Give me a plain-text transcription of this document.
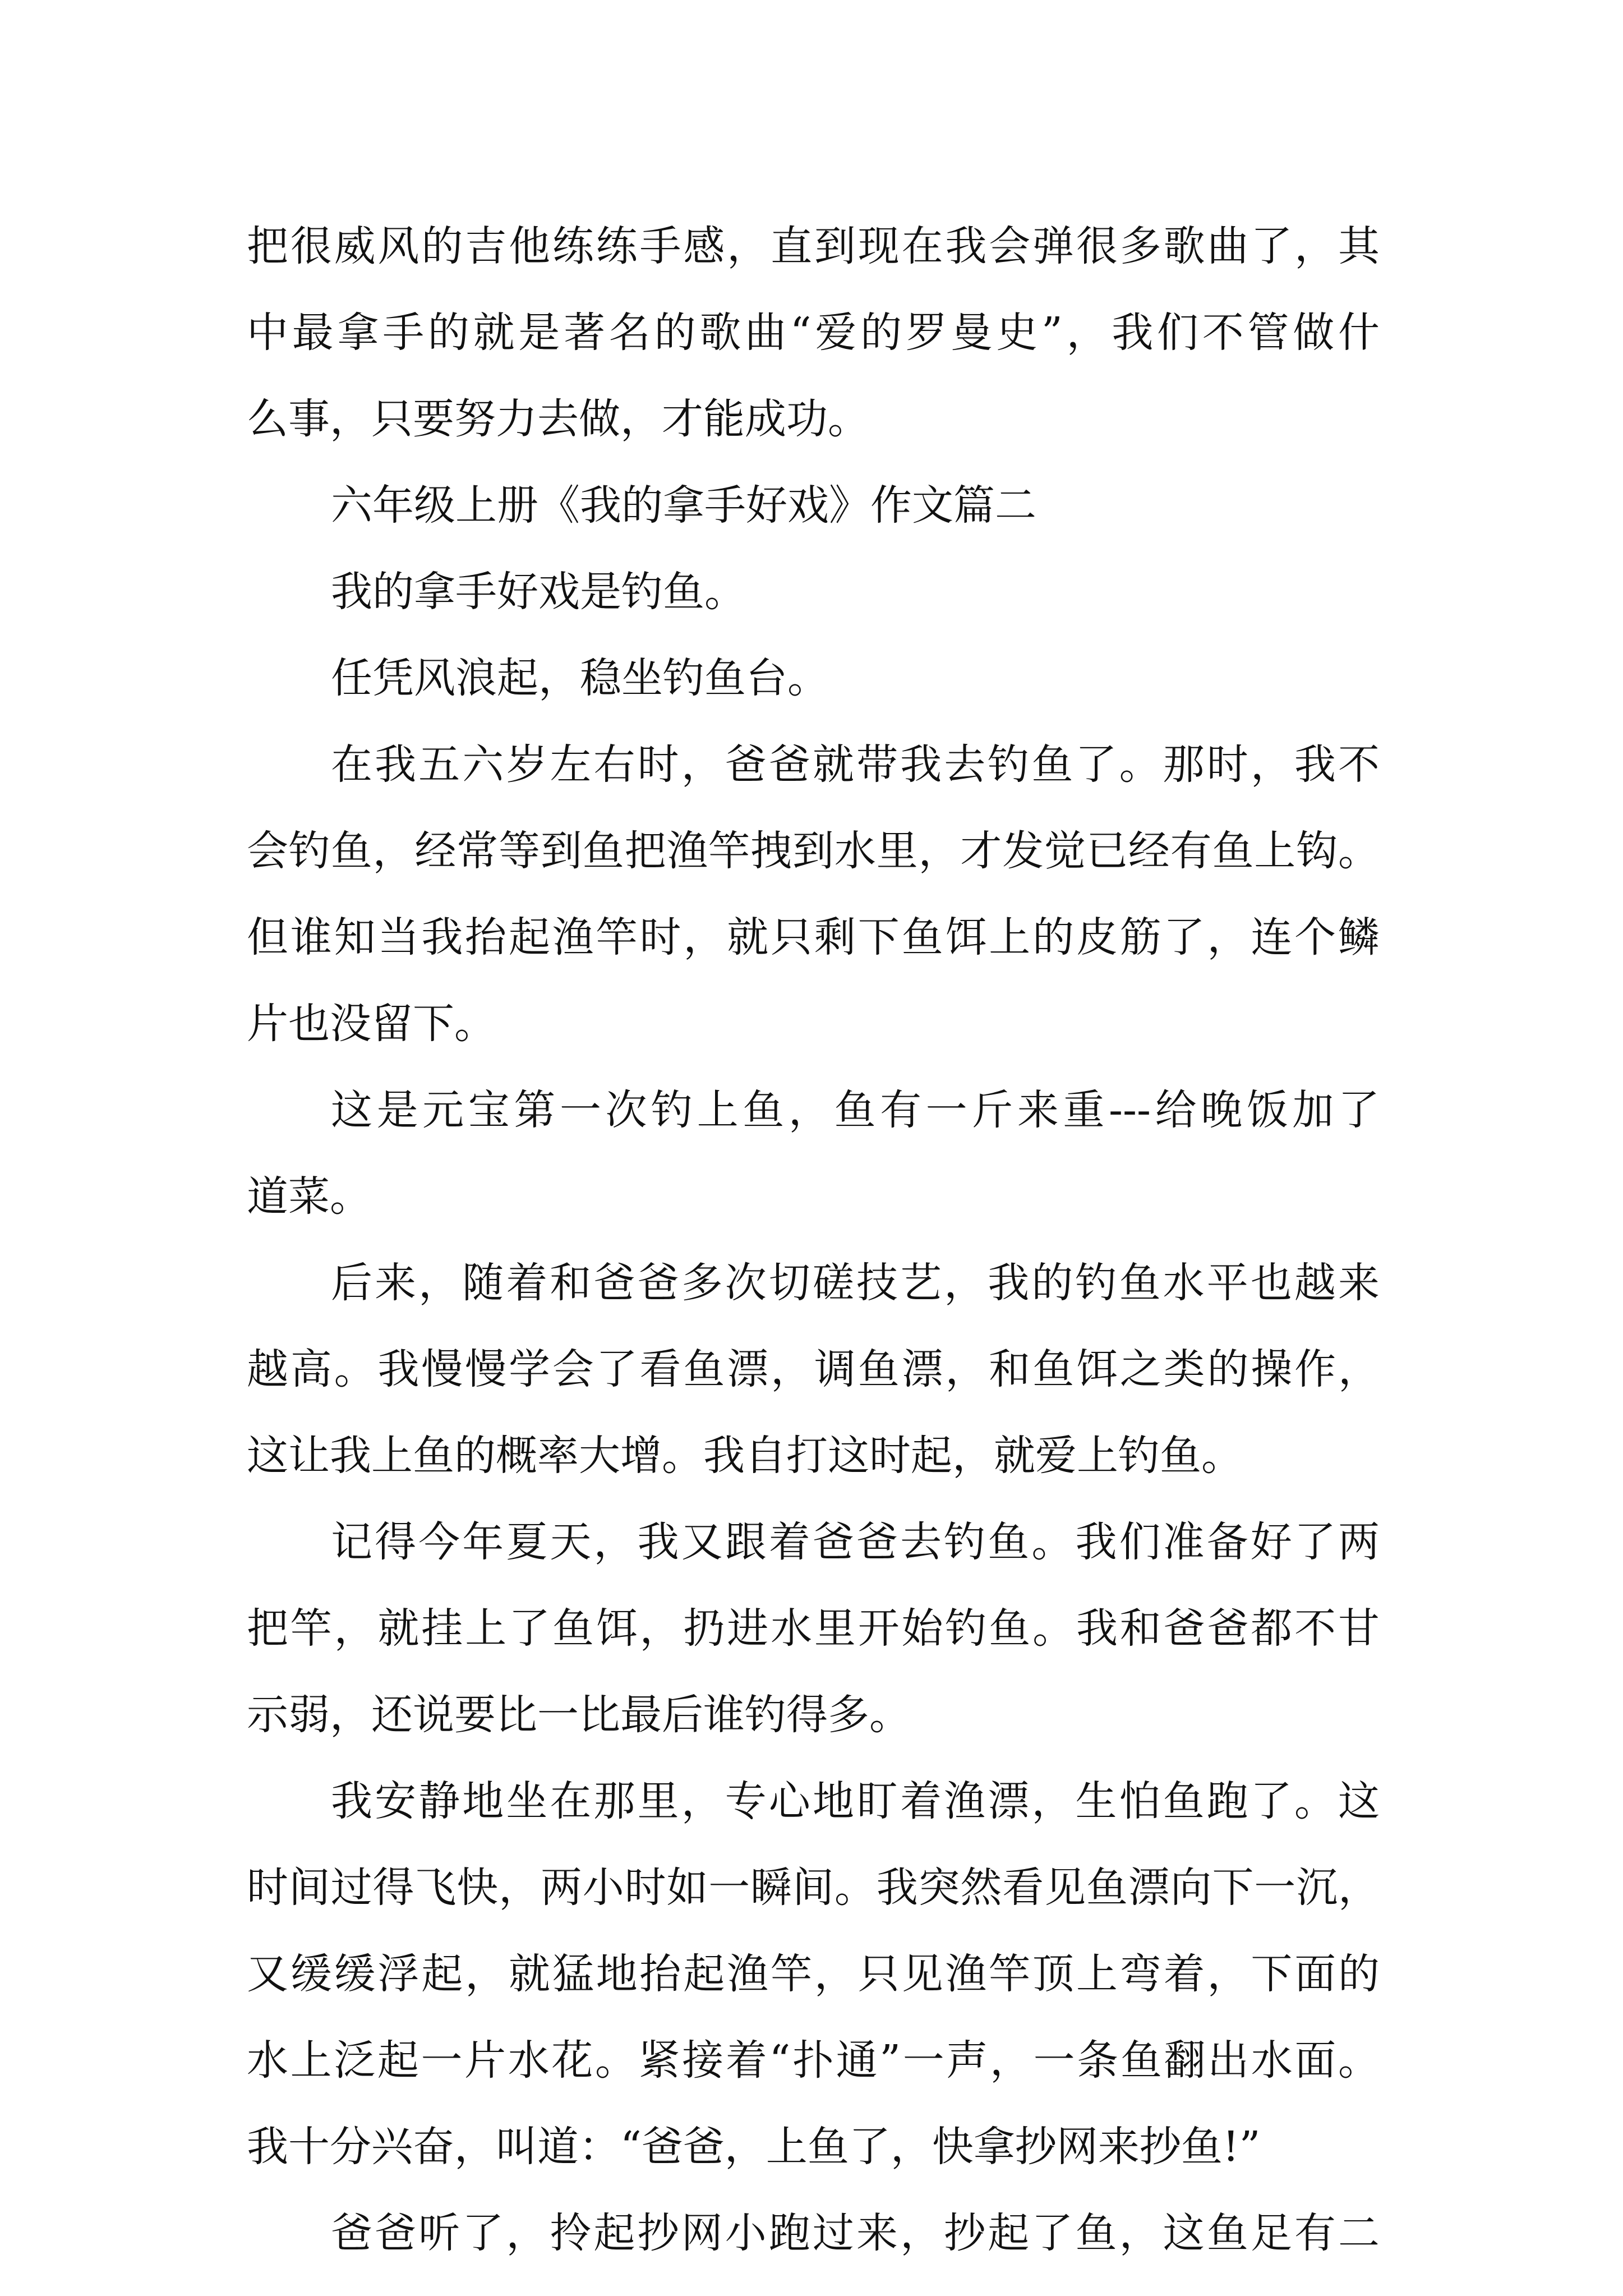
把很威风的吉他练练手感，直到现在我会弹很多歌曲了，其
中最拿手的就是著名的歌曲“爱的罗曼史”，我们不管做什
么事，只要努力去做，才能成功。
六年级上册《我的拿手好戏》作文篇二
我的拿手好戏是钓鱼。
任凭风浪起，稳坐钓鱼台。
在我五六岁左右时，爸爸就带我去钓鱼了。那时，我不
会钓鱼，经常等到鱼把渔竿拽到水里，才发觉已经有鱼上钩。
但谁知当我抬起渔竿时，就只剩下鱼饵上的皮筋了，连个鳞
片也没留下。
这是元宝第一次钓上鱼，鱼有一斤来重---给晚饭加了
道菜。
后来，随着和爸爸多次切磋技艺，我的钓鱼水平也越来
越高。我慢慢学会了看鱼漂，调鱼漂，和鱼饵之类的操作，
这让我上鱼的概率大增。我自打这时起，就爱上钓鱼。
记得今年夏天，我又跟着爸爸去钓鱼。我们准备好了两
把竿，就挂上了鱼饵，扔进水里开始钓鱼。我和爸爸都不甘
示弱，还说要比一比最后谁钓得多。
我安静地坐在那里，专心地盯着渔漂，生怕鱼跑了。这
时间过得飞快，两小时如一瞬间。我突然看见鱼漂向下一沉，
又缓缓浮起，就猛地抬起渔竿，只见渔竿顶上弯着，下面的
水上泛起一片水花。紧接着“扑通”一声，一条鱼翻出水面。
我十分兴奋，叫道：“爸爸，上鱼了，快拿抄网来抄鱼!”
爸爸听了，拎起抄网小跑过来，抄起了鱼，这鱼足有二
